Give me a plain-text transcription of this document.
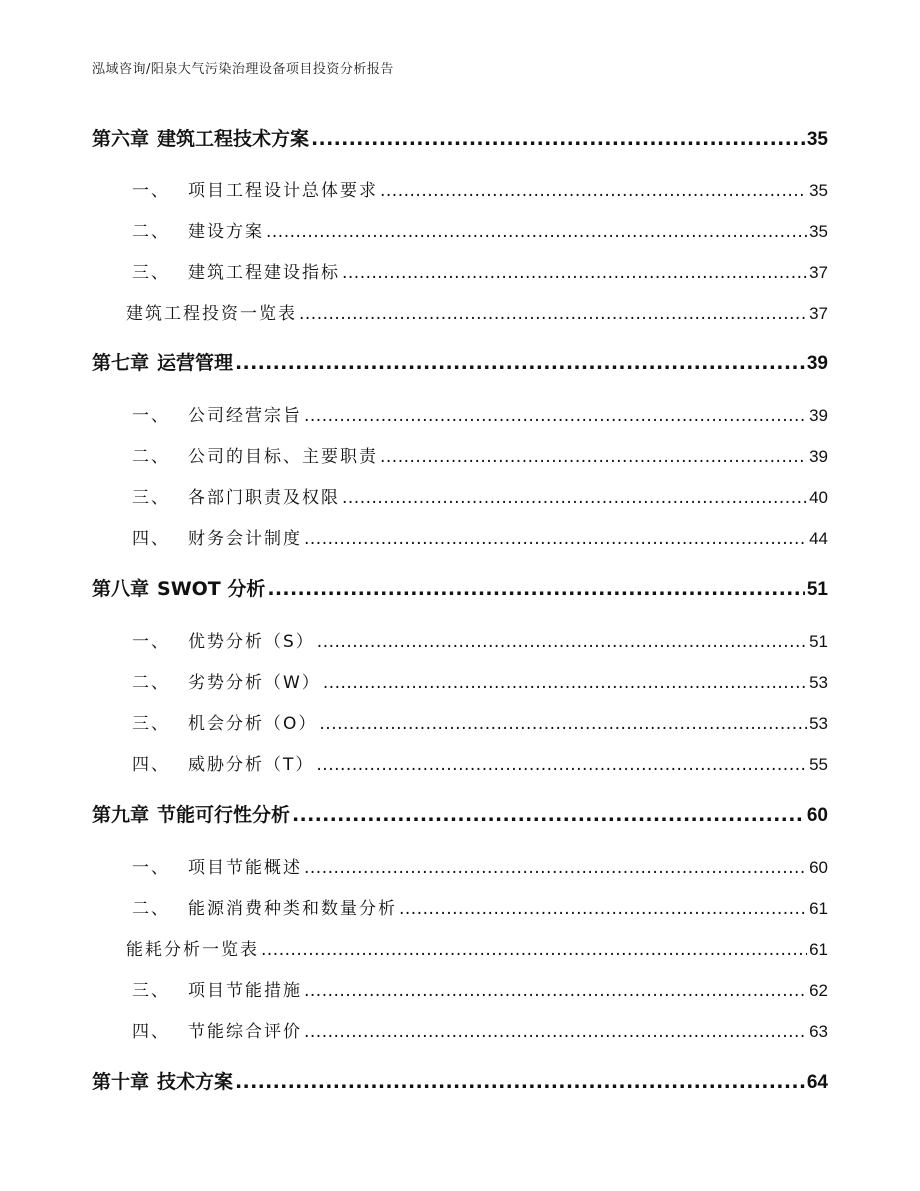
泓域咨询/阳泉大气污染治理设备项目投资分析报告
第六章 建筑工程技术方案 .....	35
一、 项目工程设计总体要求 .....	35
二、 建设方案 .....	35
三、 建筑工程建设指标 .....	37
建筑工程投资一览表 .....	37
第七章 运营管理 .....	39
一、 公司经营宗旨 .....	39
二、 公司的目标、主要职责 .....	39
三、 各部门职责及权限 .....	40
四、 财务会计制度 .....	44
第八章 SWOT 分析 .....	51
一、 优势分析（S） .....	51
二、 劣势分析（W） .....	53
三、 机会分析（O） .....	53
四、 威胁分析（T） .....	55
第九章 节能可行性分析 .....	60
一、 项目节能概述 .....	60
二、 能源消费种类和数量分析 .....	61
能耗分析一览表 .....	61
三、 项目节能措施 .....	62
四、 节能综合评价 .....	63
第十章 技术方案 .....	64
